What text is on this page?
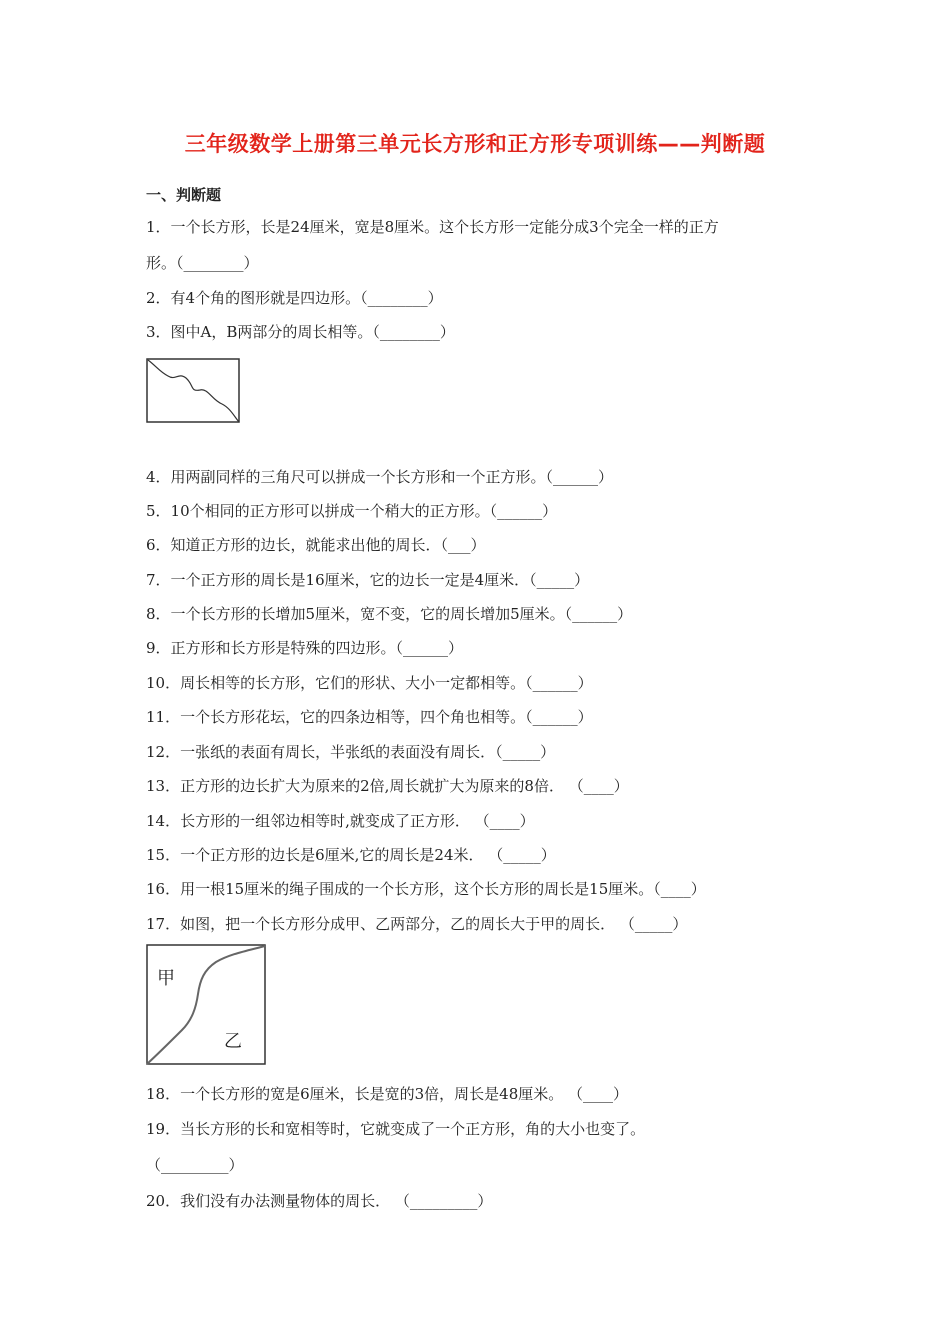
三年级数学上册第三单元长方形和正方形专项训练——判断题
一、判断题
1．一个长方形，长是24厘米，宽是8厘米。这个长方形一定能分成3个完全一样的正方
形。（________）
2．有4个角的图形就是四边形。（________）
3．图中A，B两部分的周长相等。（________）
4．用两副同样的三角尺可以拼成一个长方形和一个正方形。（______）
5．10个相同的正方形可以拼成一个稍大的正方形。（______）
6．知道正方形的边长，就能求出他的周长．（___）
7．一个正方形的周长是16厘米，它的边长一定是4厘米．（_____）
8．一个长方形的长增加5厘米，宽不变，它的周长增加5厘米。（______）
9．正方形和长方形是特殊的四边形。（______）
10．周长相等的长方形，它们的形状、大小一定都相等。（______）
11．一个长方形花坛，它的四条边相等，四个角也相等。（______）
12．一张纸的表面有周长，半张纸的表面没有周长．（_____）
13．正方形的边长扩大为原来的2倍,周长就扩大为原来的8倍． （____）
14．长方形的一组邻边相等时,就变成了正方形． （____）
15．一个正方形的边长是6厘米,它的周长是24米． （_____）
16．用一根15厘米的绳子围成的一个长方形，这个长方形的周长是15厘米。（____）
17．如图，把一个长方形分成甲、乙两部分，乙的周长大于甲的周长． （_____）
甲
乙
18．一个长方形的宽是6厘米，长是宽的3倍，周长是48厘米。 （____）
19．当长方形的长和宽相等时，它就变成了一个正方形，角的大小也变了。
（_________）
20．我们没有办法测量物体的周长． （_________）
